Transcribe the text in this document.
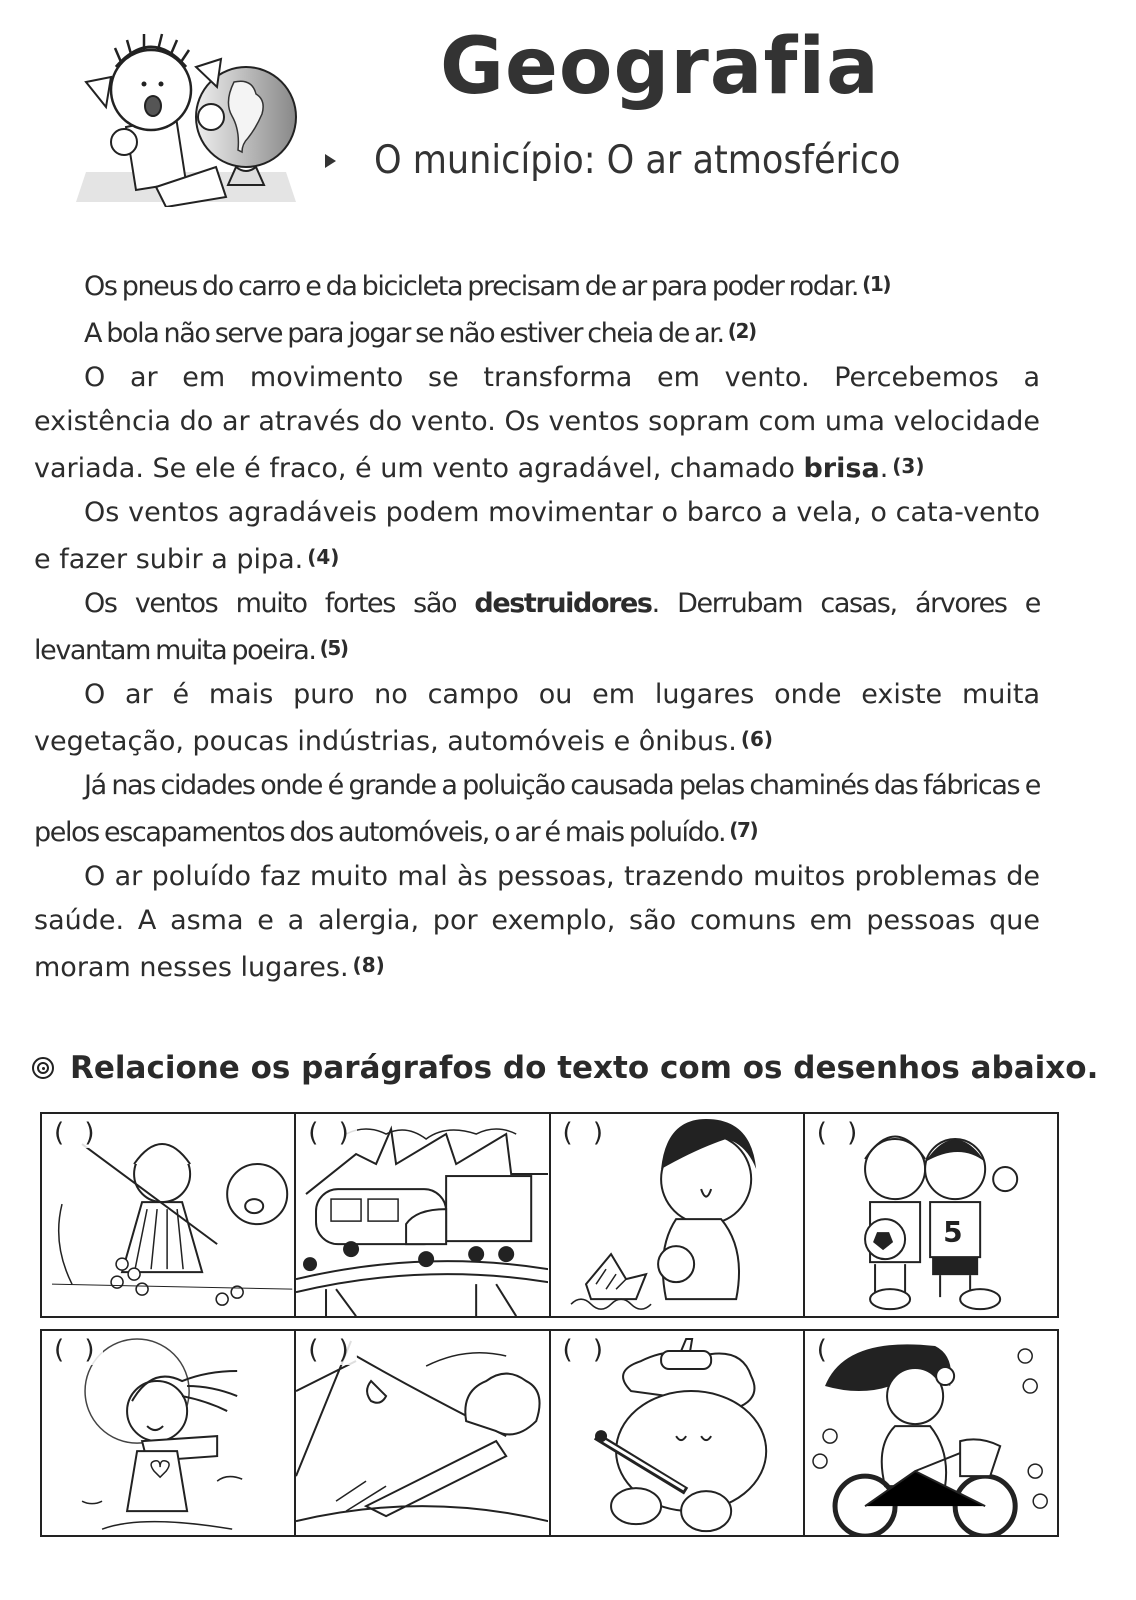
Geografia
O município: O ar atmosférico

Os pneus do carro e da bicicleta precisam de ar para poder rodar. (1)

A bola não serve para jogar se não estiver cheia de ar. (2)

O ar em movimento se transforma em vento. Percebemos a existência do ar através do vento. Os ventos sopram com uma velocidade variada. Se ele é fraco, é um vento agradável, chamado brisa. (3)

Os ventos agradáveis podem movimentar o barco a vela, o cata-vento e fazer subir a pipa. (4)

Os ventos muito fortes são destruidores. Derrubam casas, árvores e levantam muita poeira. (5)

O ar é mais puro no campo ou em lugares onde existe muita vegetação, poucas indústrias, automóveis e ônibus. (6)

Já nas cidades onde é grande a poluição causada pelas chaminés das fábricas e pelos escapamentos dos automóveis, o ar é mais poluído. (7)

O ar poluído faz muito mal às pessoas, trazendo muitos problemas de saúde. A asma e a alergia, por exemplo, são comuns em pessoas que moram nesses lugares. (8)

Relacione os parágrafos do texto com os desenhos abaixo.
( )	( )	( )	( )
5
( )	( )	( )	(
